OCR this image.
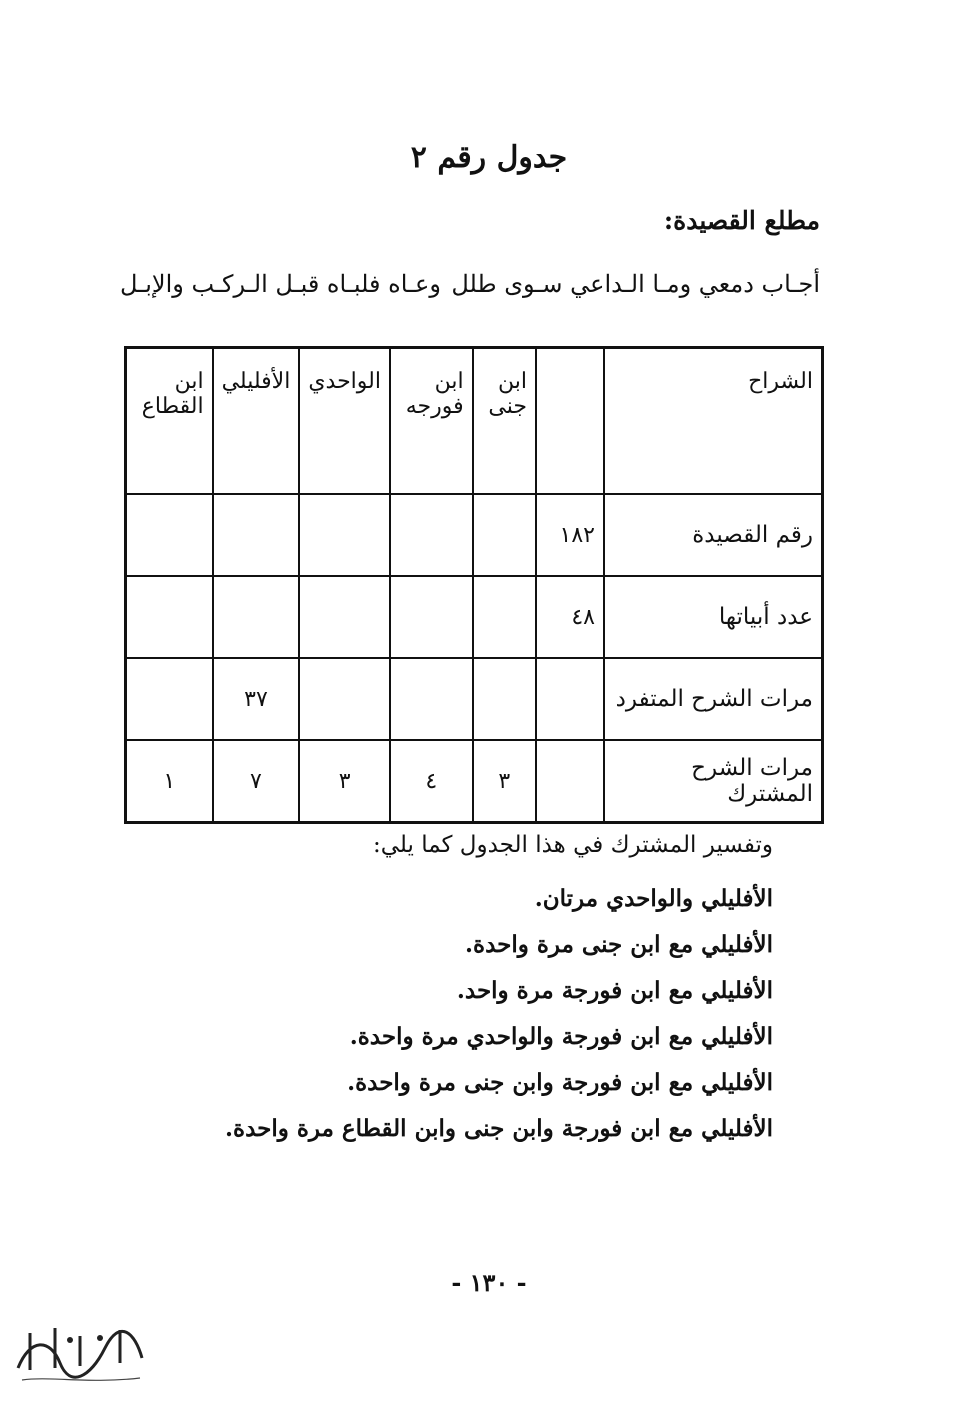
جدول رقم ٢
مطلع القصيدة:
أجـاب دمعي ومـا الـداعي سـوى طلل
وعـاه فلبـاه قبـل الـركـب والإبـل
الشراح		ابن جنى	ابن فورجه	الواحدي	الأفليلي	ابن القطاع
رقم القصيدة	١٨٢					
عدد أبياتها	٤٨					
مرات الشرح المتفرد					٣٧	
مرات الشرح المشترك		٣	٤	٣	٧	١
وتفسير المشترك في هذا الجدول كما يلي:
الأفليلي والواحدي مرتان.
الأفليلي مع ابن جنى مرة واحدة.
الأفليلي مع ابن فورجة مرة واحد.
الأفليلي مع ابن فورجة والواحدي مرة واحدة.
الأفليلي مع ابن فورجة وابن جنى مرة واحدة.
الأفليلي مع ابن فورجة وابن جنى وابن القطاع مرة واحدة.
- ١٣٠ -
